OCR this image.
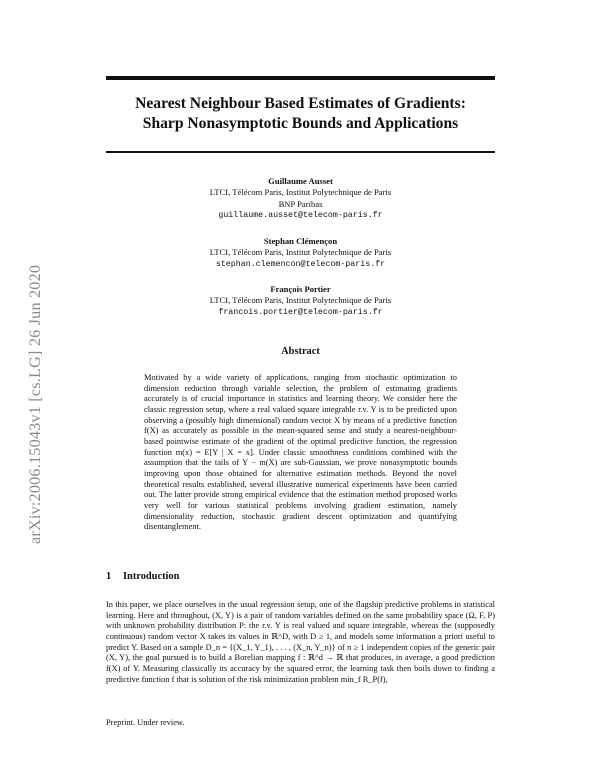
Nearest Neighbour Based Estimates of Gradients:
Sharp Nonasymptotic Bounds and Applications
Guillaume Ausset
LTCI, Télécom Paris, Institut Polytechnique de Paris
BNP Paribas
guillaume.ausset@telecom-paris.fr
Stephan Clémençon
LTCI, Télécom Paris, Institut Polytechnique de Paris
stephan.clemencon@telecom-paris.fr
François Portier
LTCI, Télécom Paris, Institut Polytechnique de Paris
francois.portier@telecom-paris.fr
arXiv:2006.15043v1 [cs.LG] 26 Jun 2020	Abstract
Motivated by a wide variety of applications, ranging from stochastic optimization to dimension reduction through variable selection, the problem of estimating gradients accurately is of crucial importance in statistics and learning theory. We consider here the classic regression setup, where a real valued square integrable r.v. Y is to be predicted upon observing a (possibly high dimensional) random vector X by means of a predictive function f(X) as accurately as possible in the mean-squared sense and study a nearest-neighbour-based pointwise estimate of the gradient of the optimal predictive function, the regression function m(x) = E[Y | X = x]. Under classic smoothness conditions combined with the assumption that the tails of Y − m(X) are sub-Gaussian, we prove nonasymptotic bounds improving upon those obtained for alternative estimation methods. Beyond the novel theoretical results established, several illustrative numerical experiments have been carried out. The latter provide strong empirical evidence that the estimation method proposed works very well for various statistical problems involving gradient estimation, namely dimensionality reduction, stochastic gradient descent optimization and quantifying disentanglement.
1 Introduction
In this paper, we place ourselves in the usual regression setup, one of the flagship predictive problems in statistical learning. Here and throughout, (X, Y) is a pair of random variables defined on the same probability space (Ω, F, P) with unknown probability distribution P: the r.v. Y is real valued and square integrable, whereas the (supposedly continuous) random vector X takes its values in ℝ^D, with D ≥ 1, and models some information a priori useful to predict Y. Based on a sample D_n = {(X_1, Y_1), . . . , (X_n, Y_n)} of n ≥ 1 independent copies of the generic pair (X, Y), the goal pursued is to build a Borelian mapping f : ℝ^d → ℝ that produces, in average, a good prediction f(X) of Y. Measuring classically its accuracy by the squared error, the learning task then boils down to finding a predictive function f that is solution of the risk minimization problem min_f R_P(f),
Preprint. Under review.
